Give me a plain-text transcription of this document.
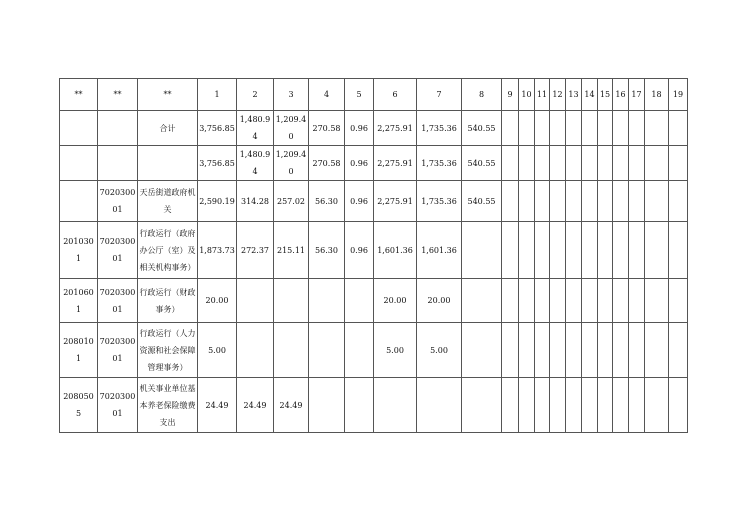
**	**	**	1	2	3	4	5	6	7	8	9	10	11	12	13	14	15	16	17	18	19
		合计	3,756.85	1,480.94	1,209.40	270.58	0.96	2,275.91	1,735.36	540.55											
			3,756.85	1,480.94	1,209.40	270.58	0.96	2,275.91	1,735.36	540.55											
	702030001	天岳街道政府机关	2,590.19	314.28	257.02	56.30	0.96	2,275.91	1,735.36	540.55											
2010301	702030001	行政运行（政府办公厅（室）及相关机构事务）	1,873.73	272.37	215.11	56.30	0.96	1,601.36	1,601.36												
2010601	702030001	行政运行（财政事务）	20.00					20.00	20.00												
2080101	702030001	行政运行（人力资源和社会保障管理事务）	5.00					5.00	5.00												
2080505	702030001	机关事业单位基本养老保险缴费支出	24.49	24.49	24.49																
